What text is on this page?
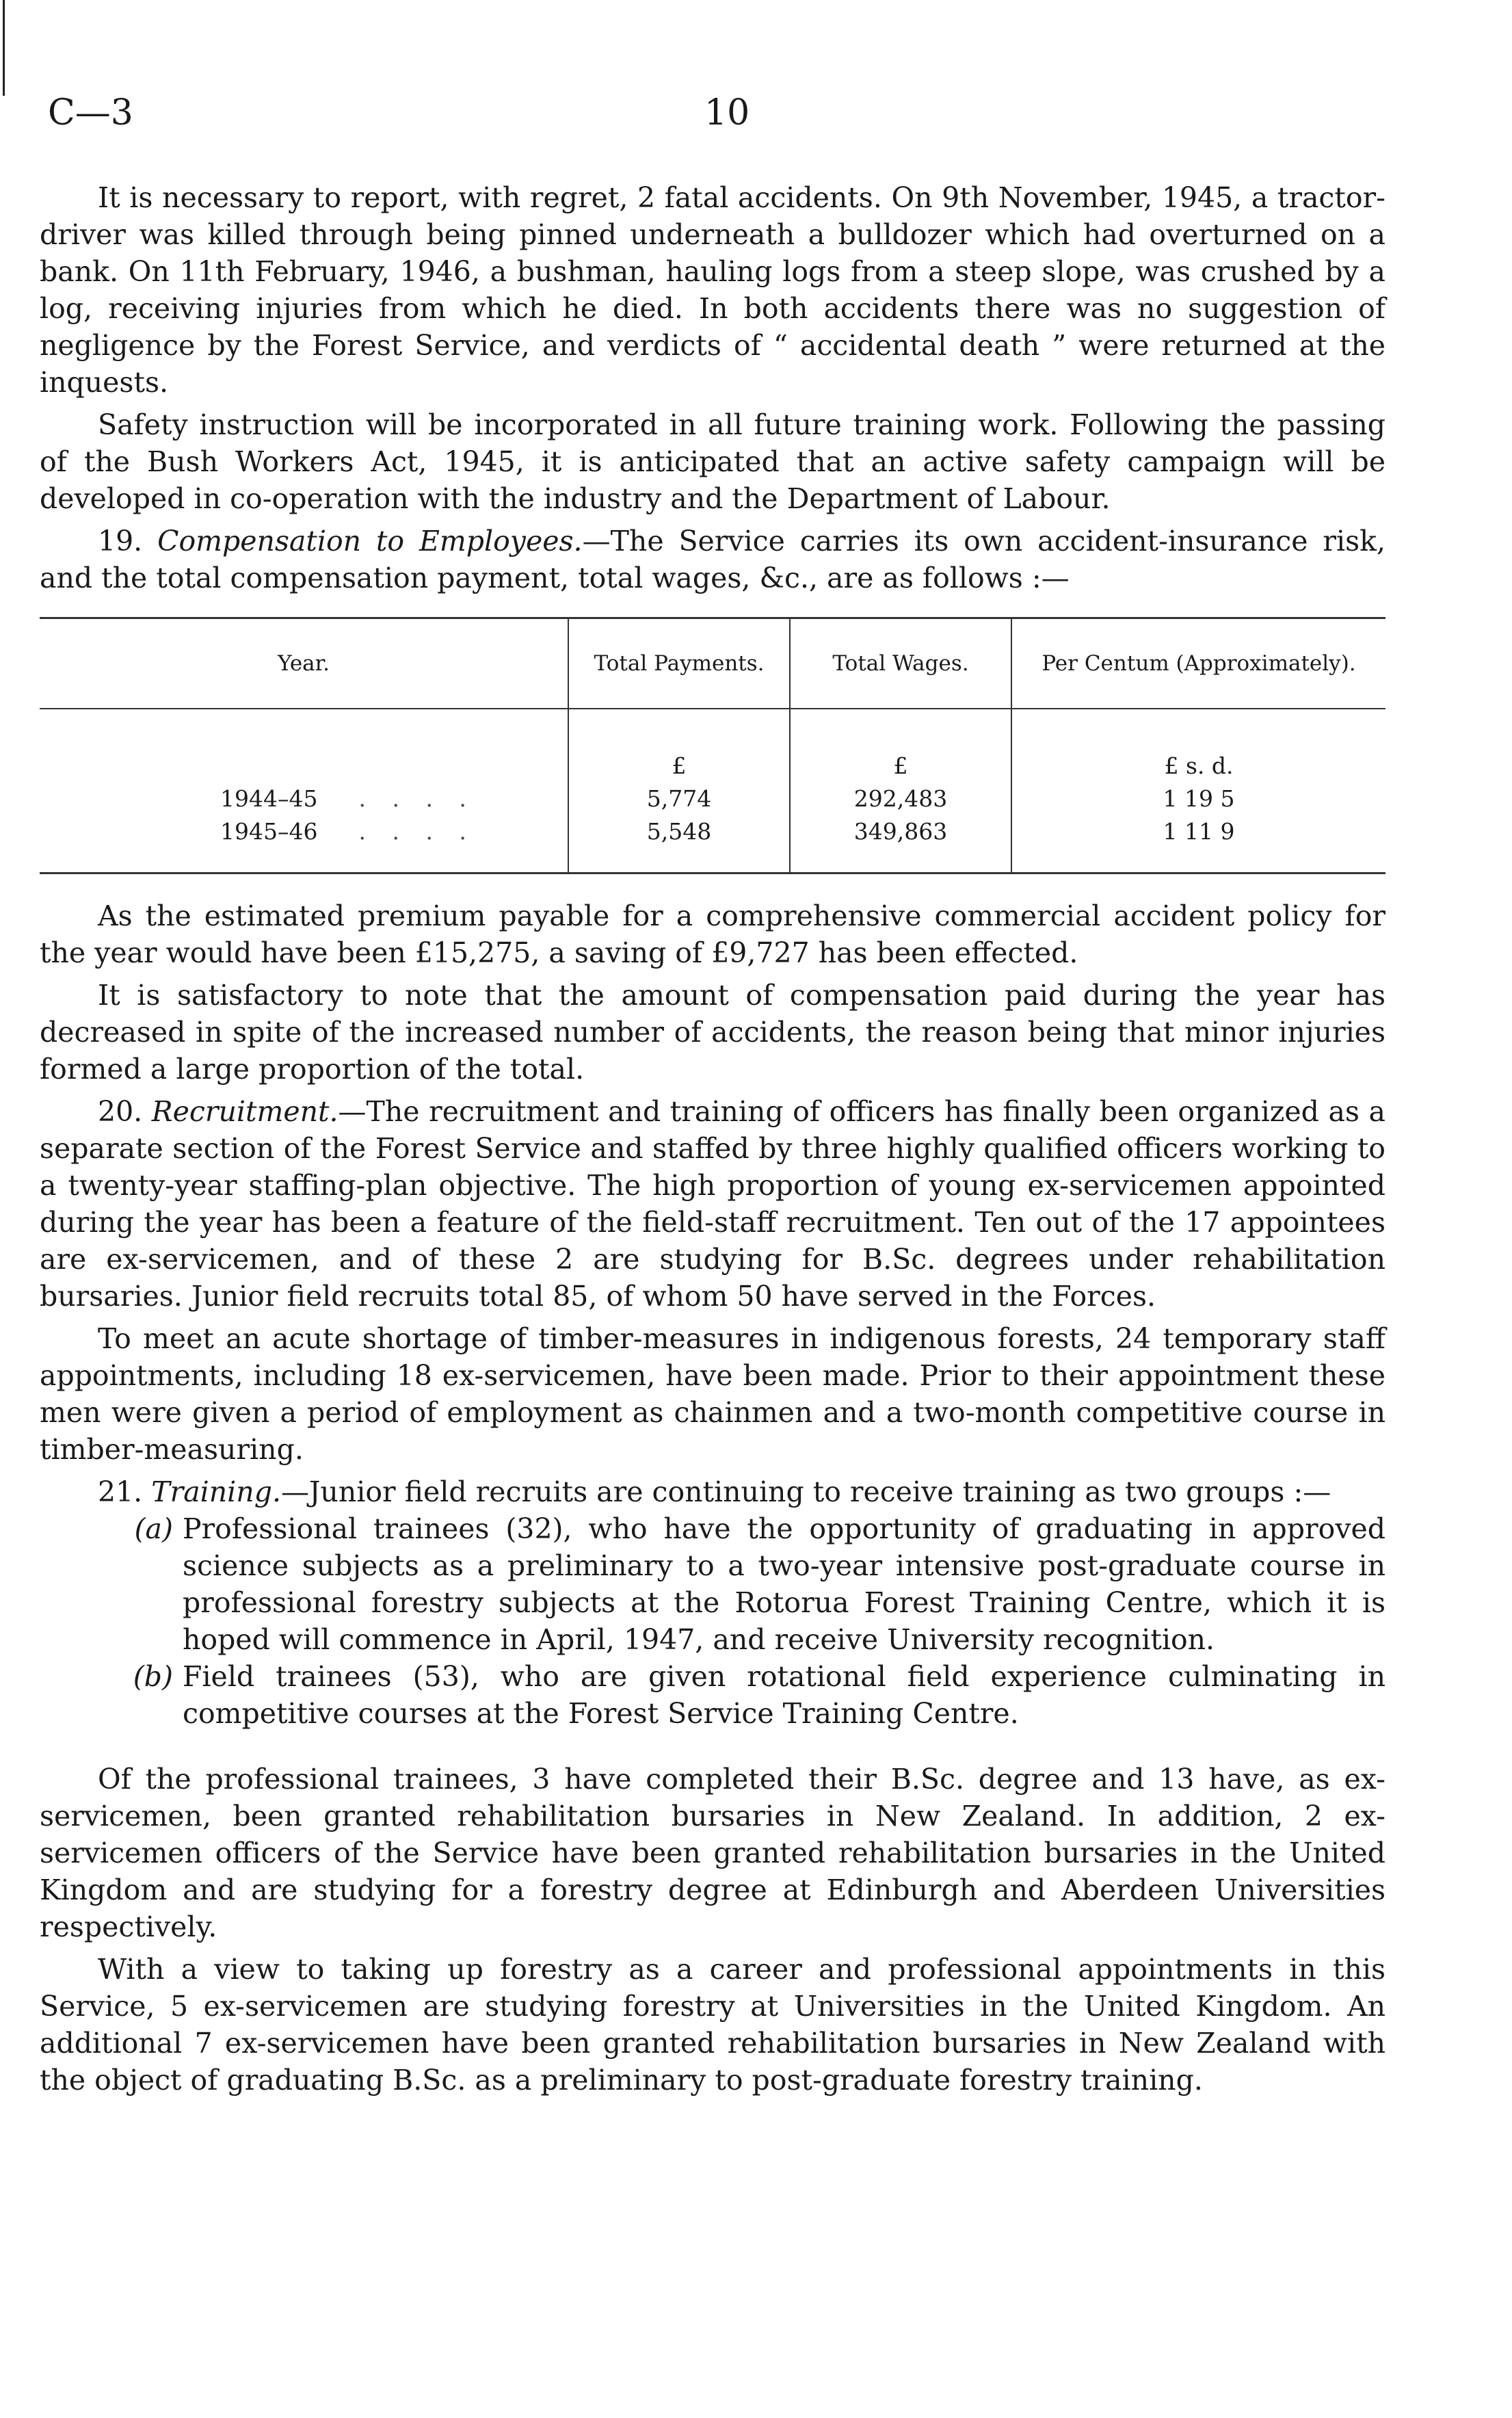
C—3	10

It is necessary to report, with regret, 2 fatal accidents. On 9th November, 1945, a tractor-driver was killed through being pinned underneath a bulldozer which had overturned on a bank. On 11th February, 1946, a bushman, hauling logs from a steep slope, was crushed by a log, receiving injuries from which he died. In both accidents there was no suggestion of negligence by the Forest Service, and verdicts of “ accidental death ” were returned at the inquests.

Safety instruction will be incorporated in all future training work. Following the passing of the Bush Workers Act, 1945, it is anticipated that an active safety campaign will be developed in co-operation with the industry and the Department of Labour.

19. Compensation to Employees.—The Service carries its own accident-insurance risk, and the total compensation payment, total wages, &c., are as follows :—

Year.	Total Payments.	Total Wages.	Per Centum (Approximately).
	£	£	£ s. d.
1944–45 . . . .	5,774	292,483	1 19 5
1945–46 . . . .	5,548	349,863	1 11 9

As the estimated premium payable for a comprehensive commercial accident policy for the year would have been £15,275, a saving of £9,727 has been effected.

It is satisfactory to note that the amount of compensation paid during the year has decreased in spite of the increased number of accidents, the reason being that minor injuries formed a large proportion of the total.

20. Recruitment.—The recruitment and training of officers has finally been organized as a separate section of the Forest Service and staffed by three highly qualified officers working to a twenty-year staffing-plan objective. The high proportion of young ex-servicemen appointed during the year has been a feature of the field-staff recruitment. Ten out of the 17 appointees are ex-servicemen, and of these 2 are studying for B.Sc. degrees under rehabilitation bursaries. Junior field recruits total 85, of whom 50 have served in the Forces.

To meet an acute shortage of timber-measures in indigenous forests, 24 temporary staff appointments, including 18 ex-servicemen, have been made. Prior to their appointment these men were given a period of employment as chainmen and a two-month competitive course in timber-measuring.

21. Training.—Junior field recruits are continuing to receive training as two groups :—

(a) Professional trainees (32), who have the opportunity of graduating in approved science subjects as a preliminary to a two-year intensive post-graduate course in professional forestry subjects at the Rotorua Forest Training Centre, which it is hoped will commence in April, 1947, and receive University recognition.
(b) Field trainees (53), who are given rotational field experience culminating in competitive courses at the Forest Service Training Centre.

Of the professional trainees, 3 have completed their B.Sc. degree and 13 have, as ex-servicemen, been granted rehabilitation bursaries in New Zealand. In addition, 2 ex-servicemen officers of the Service have been granted rehabilitation bursaries in the United Kingdom and are studying for a forestry degree at Edinburgh and Aberdeen Universities respectively.

With a view to taking up forestry as a career and professional appointments in this Service, 5 ex-servicemen are studying forestry at Universities in the United Kingdom. An additional 7 ex-servicemen have been granted rehabilitation bursaries in New Zealand with the object of graduating B.Sc. as a preliminary to post-graduate forestry training.
